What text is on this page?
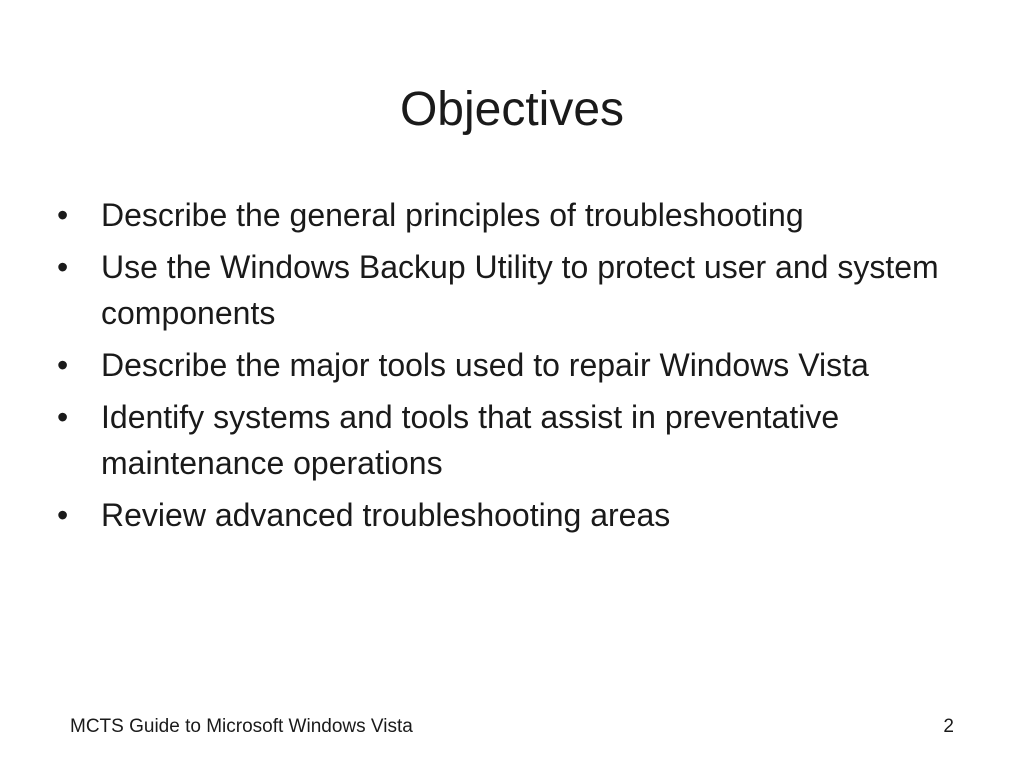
Objectives
•	Describe the general principles of troubleshooting
•	Use the Windows Backup Utility to protect user and system components
•	Describe the major tools used to repair Windows Vista
•	Identify systems and tools that assist in preventative maintenance operations
•	Review advanced troubleshooting areas
MCTS Guide to Microsoft Windows Vista	2
